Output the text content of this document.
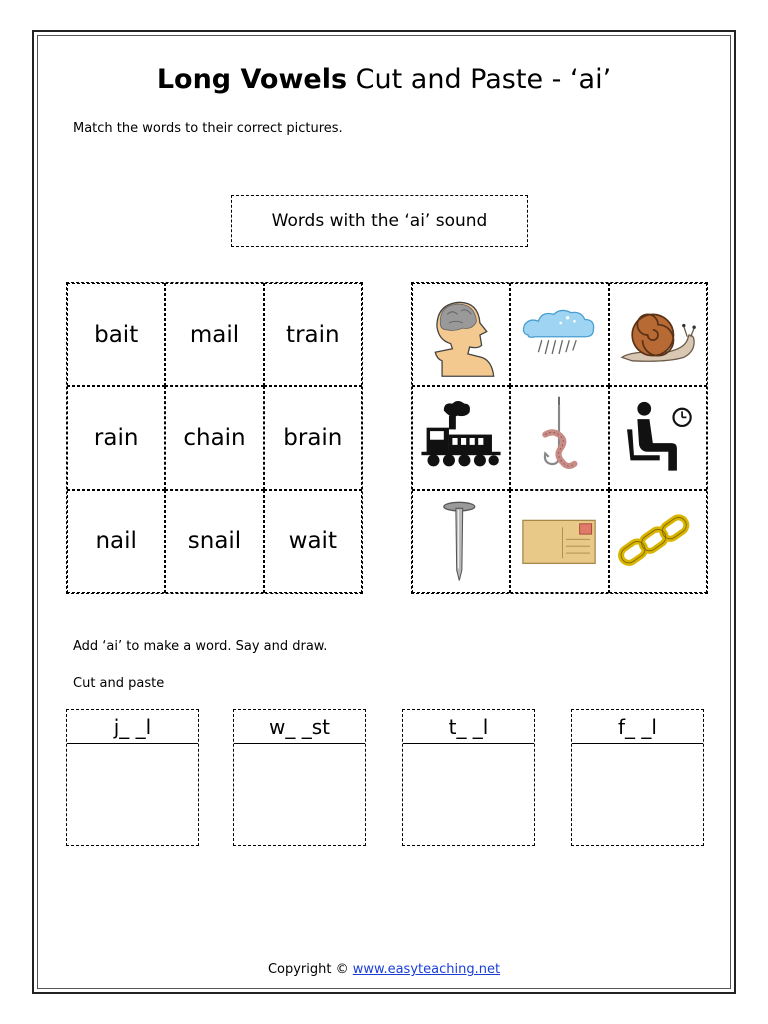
Long Vowels Cut and Paste - ‘ai’
Match the words to their correct pictures.
Words with the ‘ai’ sound
bait	mail	train
rain	chain	brain
nail	snail	wait
Add ‘ai’ to make a word. Say and draw.
Cut and paste
j_ _l	w_ _st	t_ _l	f_ _l
Copyright © www.easyteaching.net
